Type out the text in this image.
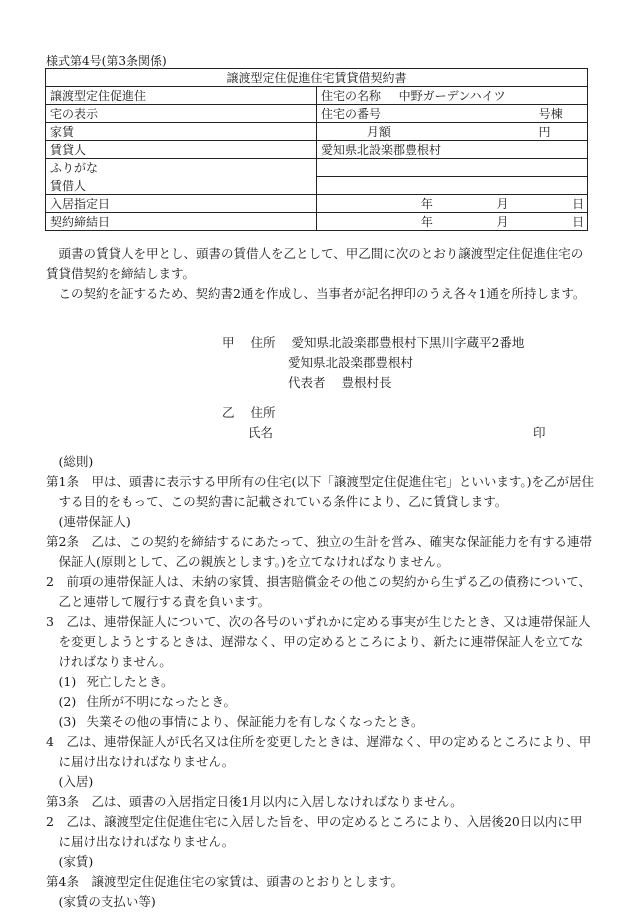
様式第4号(第3条関係)
譲渡型定住促進住宅賃貸借契約書	
譲渡型定住促進住	住宅の名称 中野ガーデンハイツ
宅の表示	住宅の番号 号棟
家賃	月額 円
賃貸人	愛知県北設楽郡豊根村
ふりがな	
賃借人	
入居指定日	年 月 日
契約締結日	年 月 日

頭書の賃貸人を甲とし、頭書の賃借人を乙として、甲乙間に次のとおり譲渡型定住促進住宅の賃貸借契約を締結します。

この契約を証するため、契約書2通を作成し、当事者が記名押印のうえ各々1通を所持します。

甲 住所 愛知県北設楽郡豊根村下黒川字蔵平2番地
愛知県北設楽郡豊根村
代表者 豊根村長
乙 住所
氏名	印

(総則)

第1条　甲は、頭書に表示する甲所有の住宅(以下「譲渡型定住促進住宅」といいます。)を乙が居住する目的をもって、この契約書に記載されている条件により、乙に賃貸します。

(連帯保証人)

第2条　乙は、この契約を締結するにあたって、独立の生計を営み、確実な保証能力を有する連帯保証人(原則として、乙の親族とします。)を立てなければなりません。

2　前項の連帯保証人は、未納の家賃、損害賠償金その他この契約から生ずる乙の債務について、乙と連帯して履行する責を負います。

3　乙は、連帯保証人について、次の各号のいずれかに定める事実が生じたとき、又は連帯保証人を変更しようとするときは、遅滞なく、甲の定めるところにより、新たに連帯保証人を立てなければなりません。

(1) 死亡したとき。

(2) 住所が不明になったとき。

(3) 失業その他の事情により、保証能力を有しなくなったとき。

4　乙は、連帯保証人が氏名又は住所を変更したときは、遅滞なく、甲の定めるところにより、甲に届け出なければなりません。

(入居)

第3条　乙は、頭書の入居指定日後1月以内に入居しなければなりません。

2　乙は、譲渡型定住促進住宅に入居した旨を、甲の定めるところにより、入居後20日以内に甲に届け出なければなりません。

(家賃)

第4条　譲渡型定住促進住宅の家賃は、頭書のとおりとします。

(家賃の支払い等)
